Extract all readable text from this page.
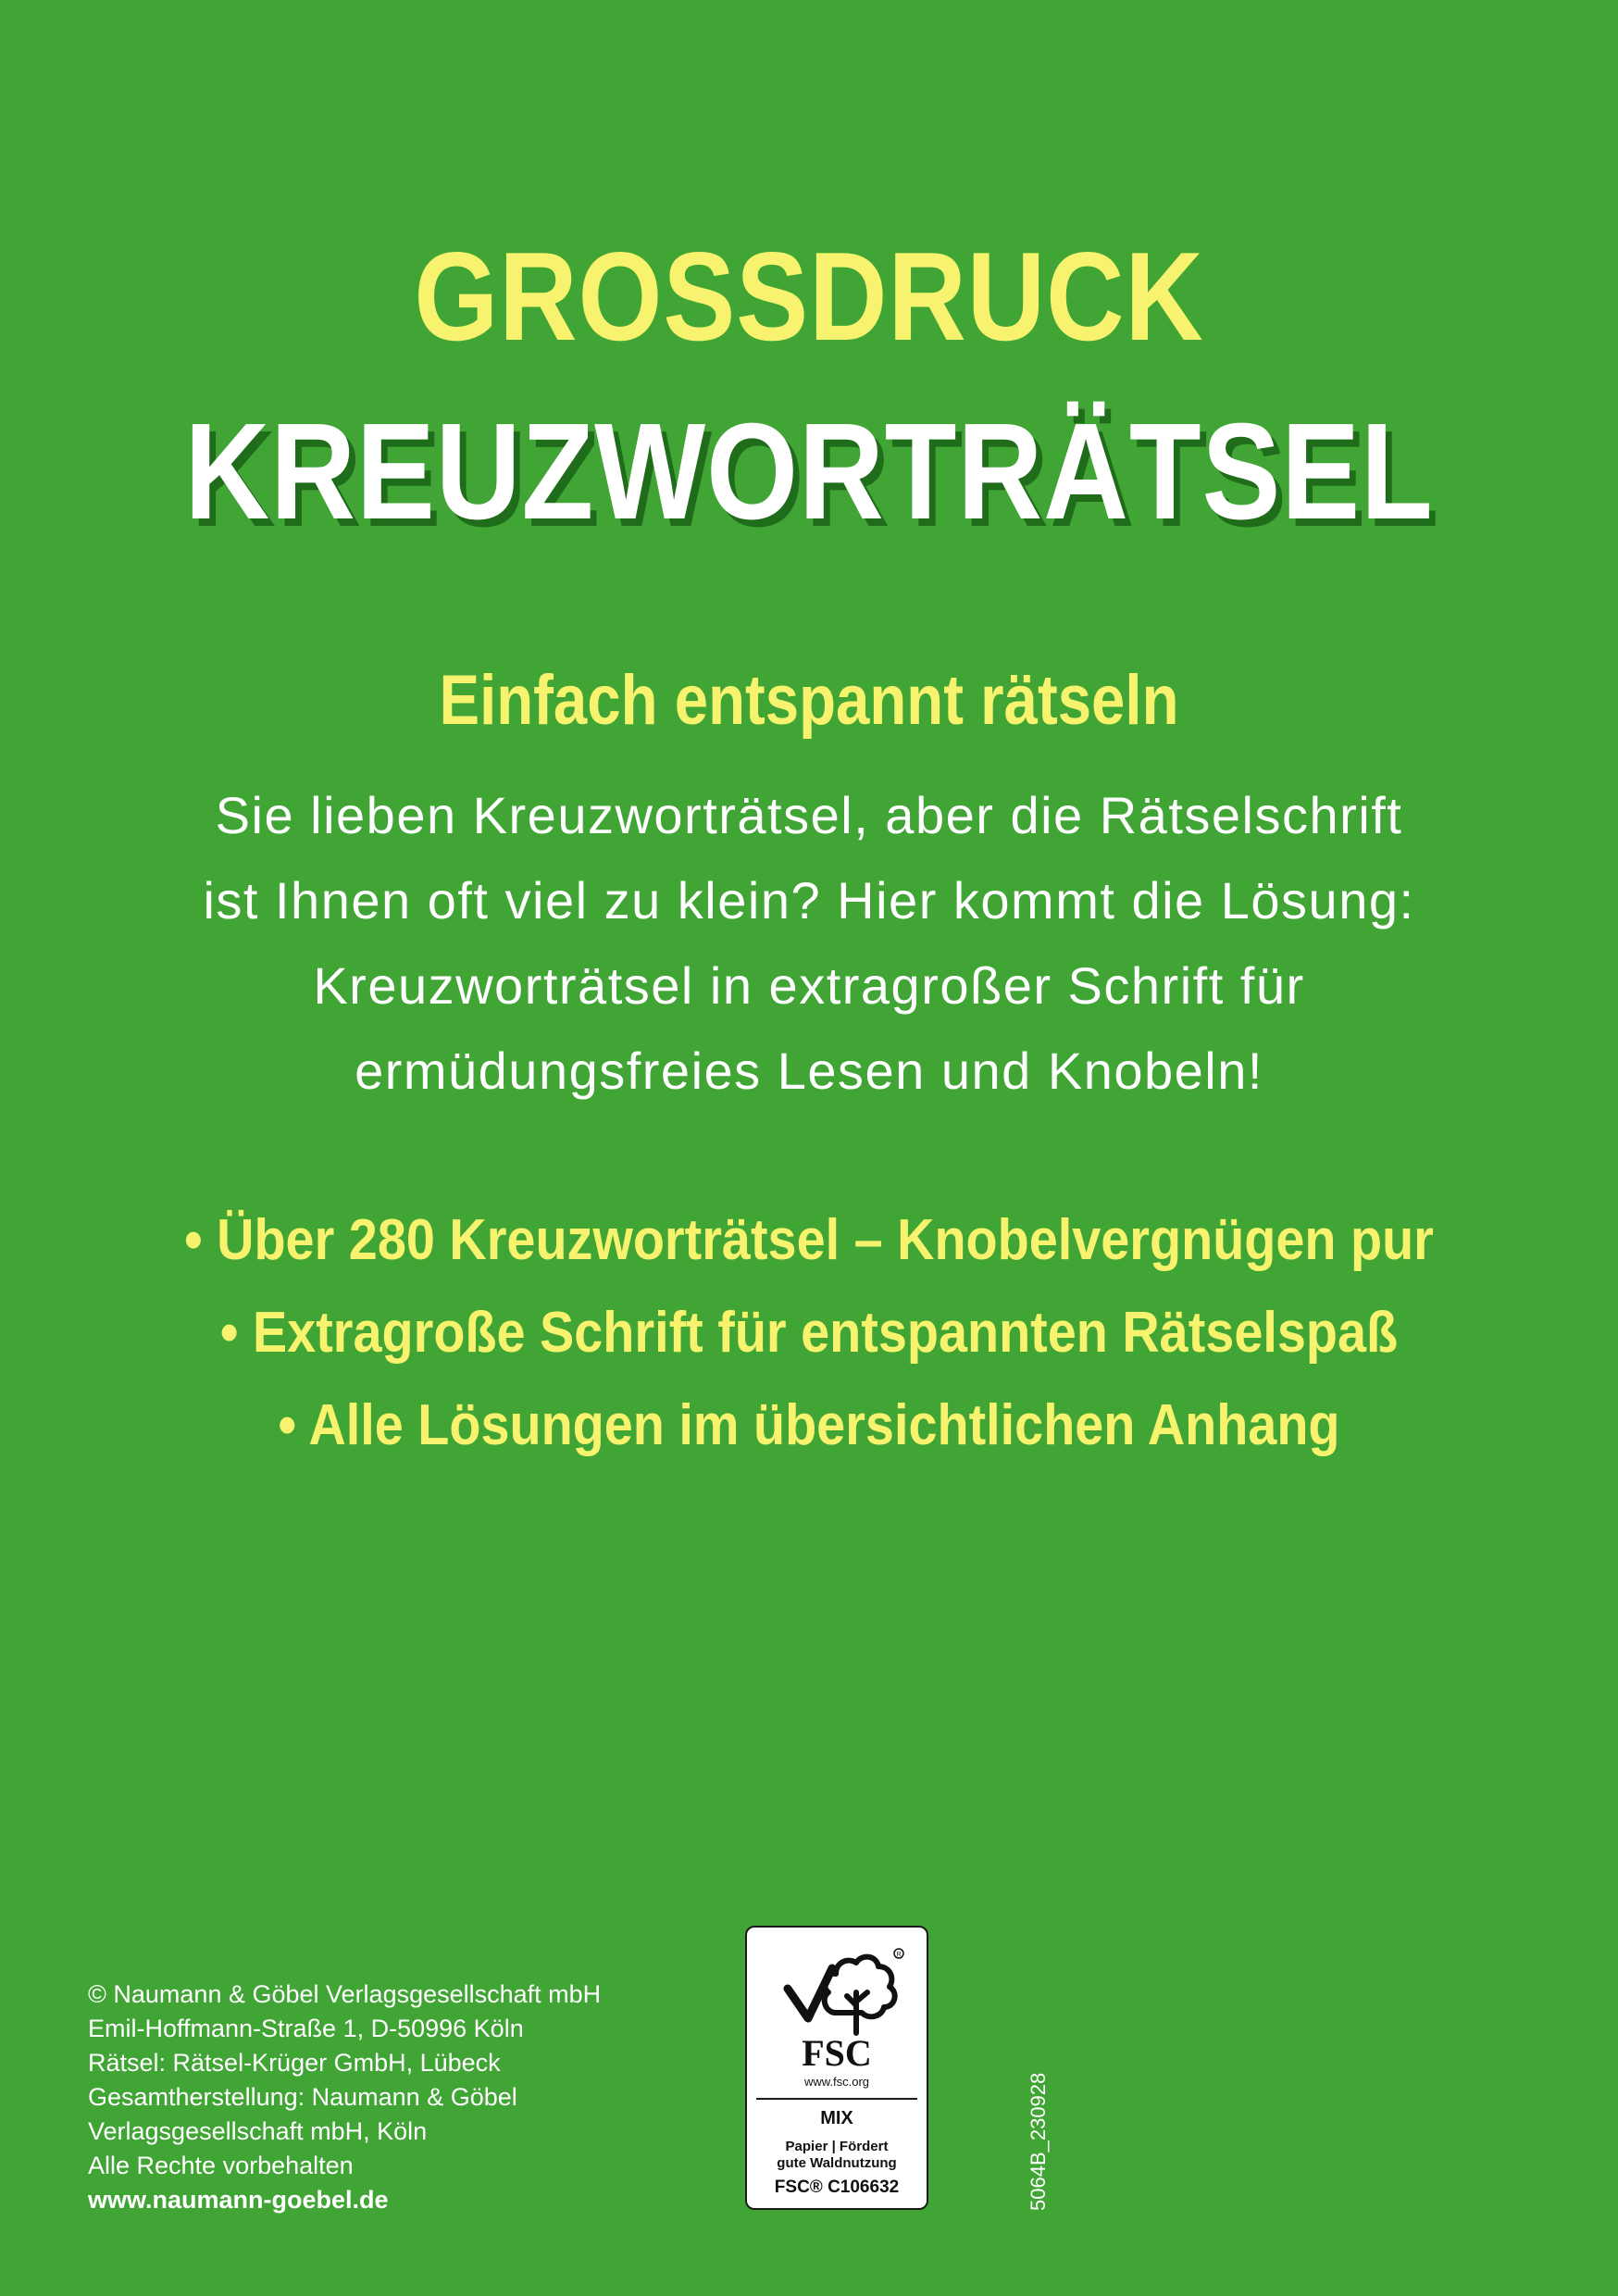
GROSSDRUCK
KREUZWORTRÄTSEL
Einfach entspannt rätseln
Sie lieben Kreuzworträtsel, aber die Rätselschrift
ist Ihnen oft viel zu klein? Hier kommt die Lösung:
Kreuzworträtsel in extragroßer Schrift für
ermüdungsfreies Lesen und Knobeln!
• Über 280 Kreuzworträtsel – Knobelvergnügen pur
• Extragroße Schrift für entspannten Rätselspaß
• Alle Lösungen im übersichtlichen Anhang
© Naumann & Göbel Verlagsgesellschaft mbH
Emil-Hoffmann-Straße 1, D-50996 Köln
Rätsel: Rätsel-Krüger GmbH, Lübeck
Gesamtherstellung: Naumann & Göbel
Verlagsgesellschaft mbH, Köln
Alle Rechte vorbehalten
www.naumann-goebel.de
R
FSC
www.fsc.org
MIX
Papier | Fördert
gute Waldnutzung
FSC® C106632	5064B_230928
